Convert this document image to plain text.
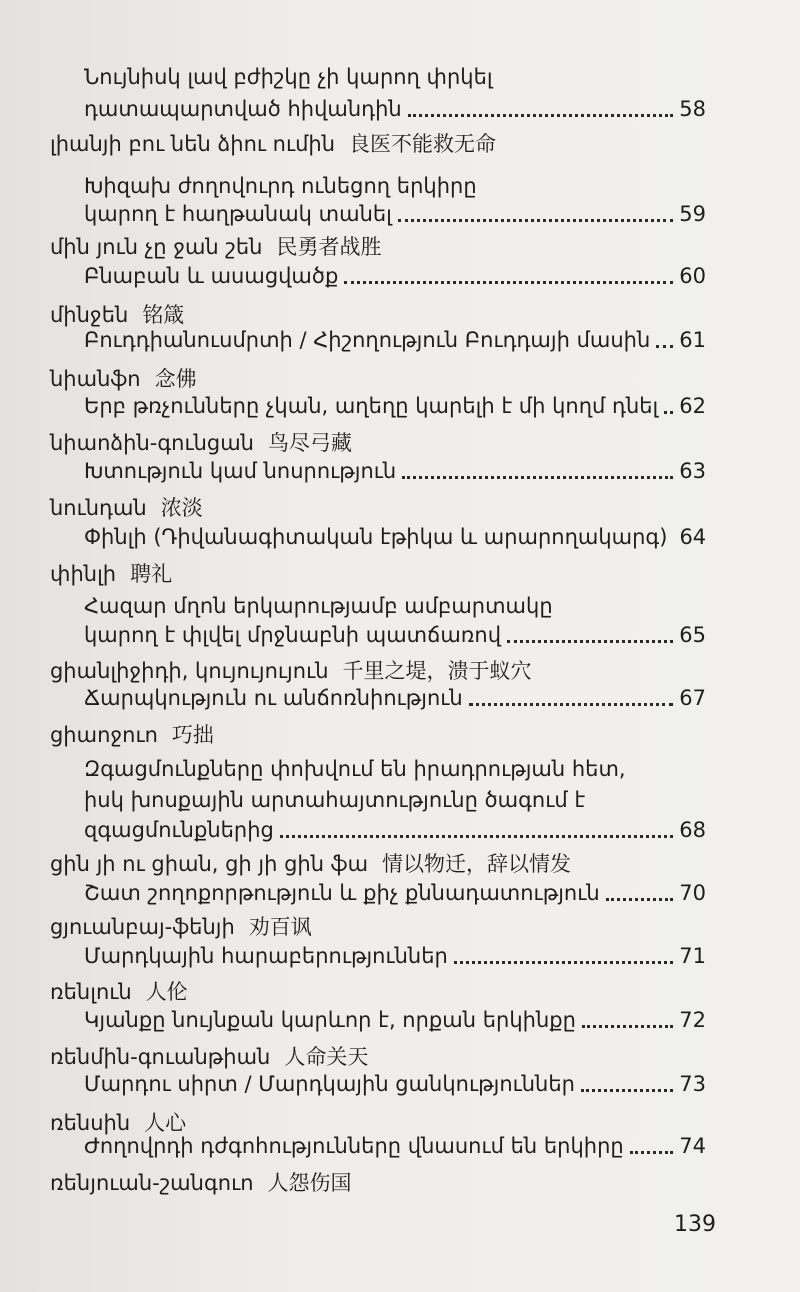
Նույնիսկ լավ բժիշկը չի կարող փրկել
դատապարտված հիվանդին	58
լիանյի բու նեն ձիու ումին 良医不能救无命
Խիզախ ժողովուրդ ունեցող երկիրը
կարող է հաղթանակ տանել	59
մին յուն չը ջան շեն 民勇者战胜
Բնաբան և ասացվածք	60
մինջեն 铭箴
Բուդդիանուսմրտի / Հիշողություն Բուդդայի մասին 61
նիանֆո 念佛
Երբ թռչունները չկան, աղեղը կարելի է մի կողմ դնել 62
նիաոձին-գունցան 鸟尽弓藏
Խտություն կամ նոսրություն	63
նունդան 浓淡
Փինլի (Դիվանագիտական էթիկա և արարողակարգ) 64
փինլի 聘礼
Հազար մղոն երկարությամբ ամբարտակը
կարող է փլվել մրջնաբնի պատճառով	65
ցիանլիջիդի, կույույույուն 千里之堤，溃于蚁穴
Ճարպկություն ու անճոռնիություն	67
ցիաոջուո 巧拙
Զգացմունքները փոխվում են իրադրության հետ,
իսկ խոսքային արտահայտությունը ծագում է
զգացմունքներից	68
ցին յի ու ցիան, ցի յի ցին ֆա 情以物迁，辞以情发
Շատ շողոքորթություն և քիչ քննադատություն	70
ցյուանբայ-ֆենյի 劝百讽
Մարդկային հարաբերություններ	71
ռենլուն 人伦
Կյանքը նույնքան կարևոր է, որքան երկինքը	72
ռենմին-գուանթիան 人命关天
Մարդու սիրտ / Մարդկային ցանկություններ	73
ռենսին 人心
Ժողովրդի դժգոհությունները վնասում են երկիրը	74
ռենյուան-շանգուո 人怨伤国
139
